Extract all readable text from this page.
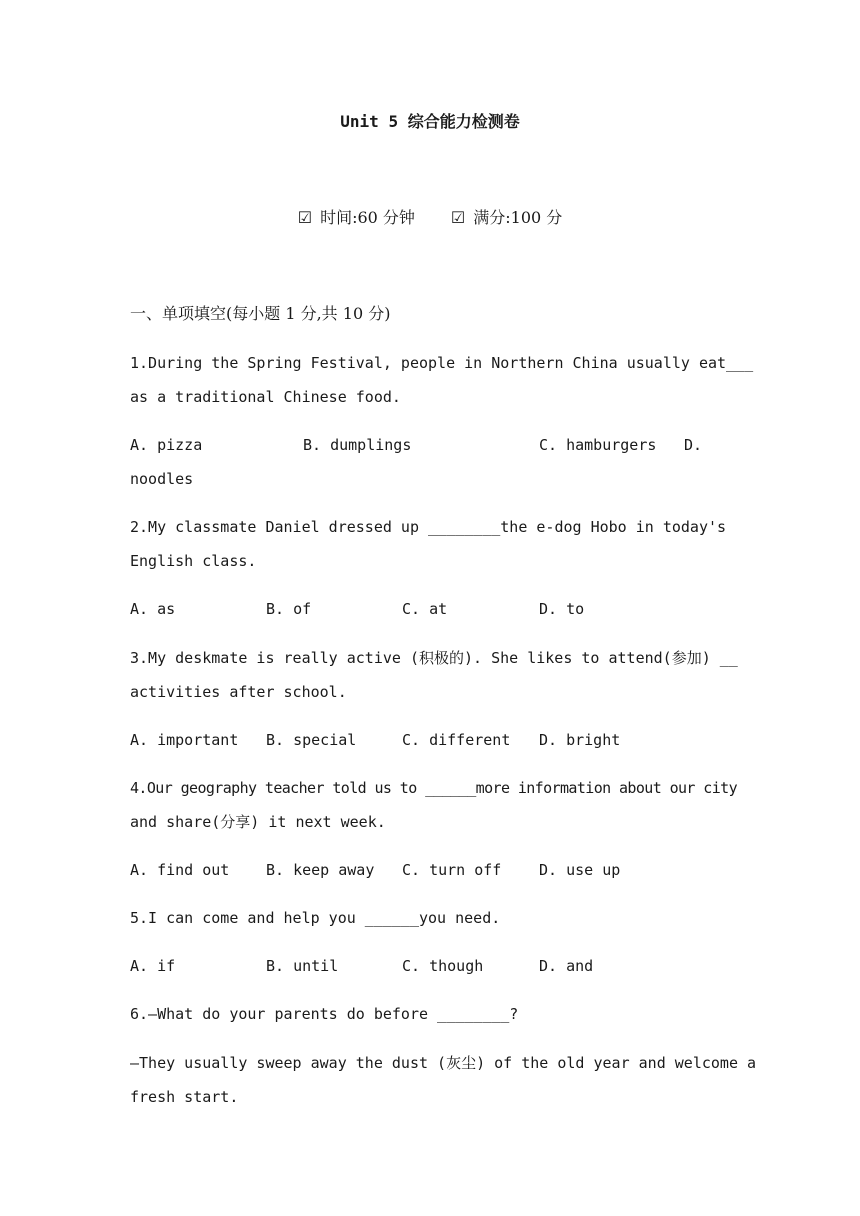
Unit 5 综合能力检测卷
☑ 时间:60 分钟 ☑ 满分:100 分
一、单项填空(每小题 1 分,共 10 分)
1.During the Spring Festival, people in Northern China usually eat___
as a traditional Chinese food.
A. pizza	B. dumplings	C. hamburgers D.
noodles
2.My classmate Daniel dressed up ________the e-dog Hobo in today's
English class.
A. as	B. of	C. at	D. to
3.My deskmate is really active (积极的). She likes to attend(参加) __
activities after school.
A. important B. special	C. different D. bright
4.Our geography teacher told us to ______more information about our city
and share(分享) it next week.
A. find out B. keep away C. turn off	D. use up
5.I can come and help you ______you need.
A. if	B. until	C. though	D. and
6.—What do your parents do before ________?
—They usually sweep away the dust (灰尘) of the old year and welcome a
fresh start.
